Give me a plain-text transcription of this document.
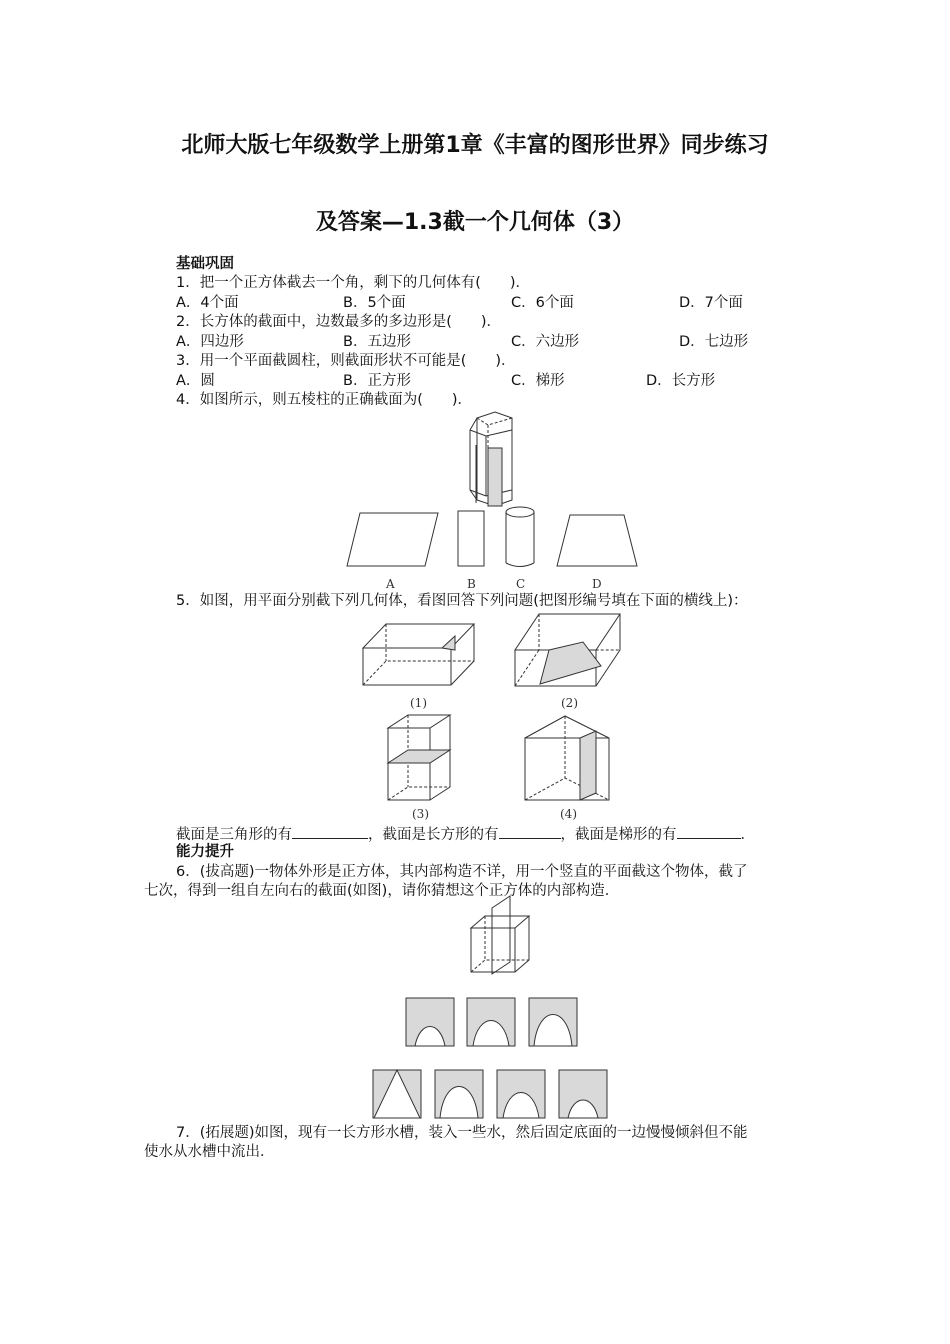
北师大版七年级数学上册第1章《丰富的图形世界》同步练习
及答案—1.3截一个几何体（3）
基础巩固
1．把一个正方体截去一个角，剩下的几何体有(　　)．
A．4个面	B．5个面	C．6个面	D．7个面
2．长方体的截面中，边数最多的多边形是(　　)．
A．四边形	B．五边形	C．六边形	D．七边形
3．用一个平面截圆柱，则截面形状不可能是(　　)．
A．圆	B．正方形	C．梯形	D．长方形
4．如图所示，则五棱柱的正确截面为(　　)．
A	B	C	D
5．如图，用平面分别截下列几何体，看图回答下列问题(把图形编号填在下面的横线上)：
(1)	(2)
(3)	(4)
截面是三角形的有	，截面是长方形的有	，截面是梯形的有	．
能力提升
6．(拔高题)一物体外形是正方体，其内部构造不详，用一个竖直的平面截这个物体，截了
七次，得到一组自左向右的截面(如图)，请你猜想这个正方体的内部构造．
7．(拓展题)如图，现有一长方形水槽，装入一些水，然后固定底面的一边慢慢倾斜但不能
使水从水槽中流出．
